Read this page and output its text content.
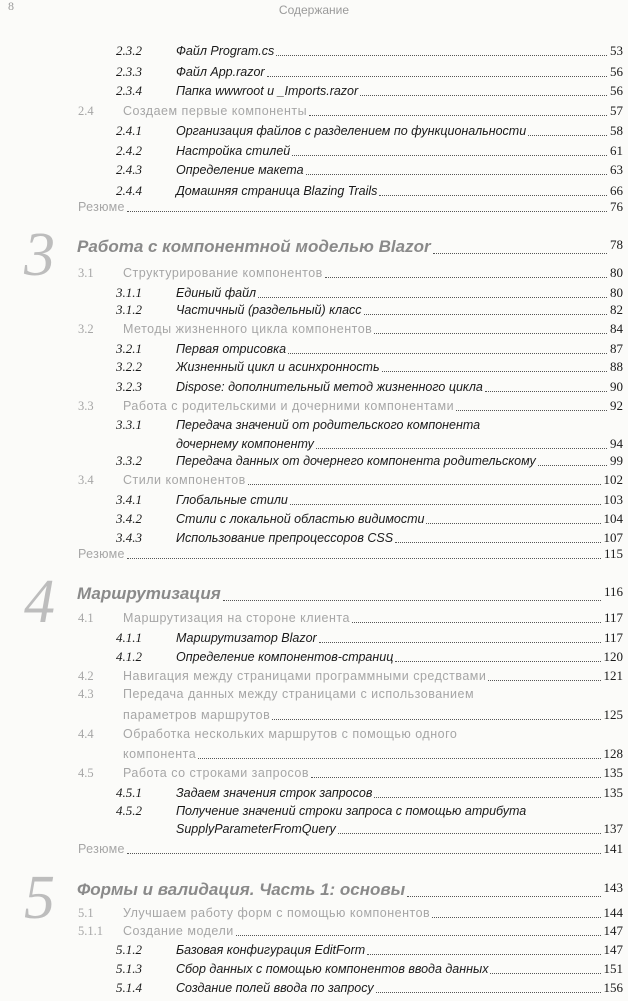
8	Содержание
2.3.2	Файл Program.cs	53
2.3.3	Файл App.razor	56
2.3.4	Папка wwwroot и _Imports.razor	56
2.4 Создаем первые компоненты	57
2.4.1	Организация файлов с разделением по функциональности	58
2.4.2	Настройка стилей	61
2.4.3	Определение макета	63
2.4.4	Домашняя страница Blazing Trails	66
Резюме	76
3 Работа с компонентной моделью Blazor	78
3.1 Структурирование компонентов	80
3.1.1	Единый файл	80
3.1.2	Частичный (раздельный) класс	82
3.2 Методы жизненного цикла компонентов	84
3.2.1	Первая отрисовка	87
3.2.2	Жизненный цикл и асинхронность	88
3.2.3	Dispose: дополнительный метод жизненного цикла	90
3.3 Работа с родительскими и дочерними компонентами	92
3.3.1	Передача значений от родительского компонента
дочернему компоненту	94
3.3.2	Передача данных от дочернего компонента родительскому	99
3.4 Стили компонентов	102
3.4.1	Глобальные стили	103
3.4.2	Стили с локальной областью видимости	104
3.4.3	Использование препроцессоров CSS	107
Резюме	115
4 Маршрутизация	116
4.1 Маршрутизация на стороне клиента	117
4.1.1	Маршрутизатор Blazor	117
4.1.2	Определение компонентов-страниц	120
4.2 Навигация между страницами программными средствами	121
4.3 Передача данных между страницами с использованием
параметров маршрутов	125
4.4 Обработка нескольких маршрутов с помощью одного
компонента	128
4.5 Работа со строками запросов	135
4.5.1	Задаем значения строк запросов	135
4.5.2	Получение значений строки запроса с помощью атрибута
SupplyParameterFromQuery	137
Резюме	141
5 Формы и валидация. Часть 1: основы	143
5.1 Улучшаем работу форм с помощью компонентов	144
5.1.1 Создание модели	147
5.1.2	Базовая конфигурация EditForm	147
5.1.3	Сбор данных с помощью компонентов ввода данных	151
5.1.4	Создание полей ввода по запросу	156
